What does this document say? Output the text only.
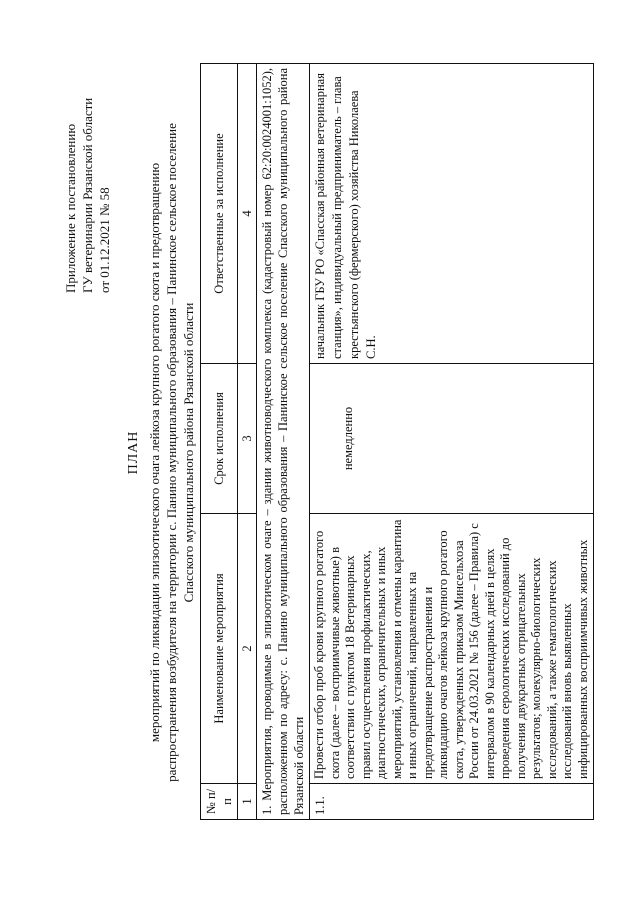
Приложение к постановлению ГУ ветеринарии Рязанской области от 01.12.2021 № 58
ПЛАН мероприятий по ликвидации эпизоотического очага лейкоза крупного рогатого скота и предотвращению распространения возбудителя на территории с. Панино муниципального образования – Панинское сельское поселение Спасского муниципального района Рязанской области
№ п/п	Наименование мероприятия	Срок исполнения	Ответственные за исполнение
1	2	3	4
1. Мероприятия, проводимые в эпизоотическом очаге – здании животноводческого комплекса (кадастровый номер 62:20:0024001:1052), расположенном по адресу: с. Панино муниципального образования – Панинское сельское поселение Спасского муниципального района Рязанской области			
1.1.	Провести отбор проб крови крупного рогатого скота (далее – восприимчивые животные) в соответствии с пунктом 18 Ветеринарных правил осуществления профилактических, диагностических, ограничительных и иных мероприятий, установления и отмены карантина и иных ограничений, направленных на предотвращение распространения и ликвидацию очагов лейкоза крупного рогатого скота, утвержденных приказом Минсельхоза России от 24.03.2021 № 156 (далее – Правила) с интервалом в 90 календарных дней в целях проведения серологических исследований до получения двукратных отрицательных результатов; молекулярно-биологических исследований, а также гематологических исследований вновь выявленных инфицированных восприимчивых животных	немедленно	начальник ГБУ РО «Спасская районная ветеринарная станция», индивидуальный предприниматель – глава крестьянского (фермерского) хозяйства Николаева С.Н.
